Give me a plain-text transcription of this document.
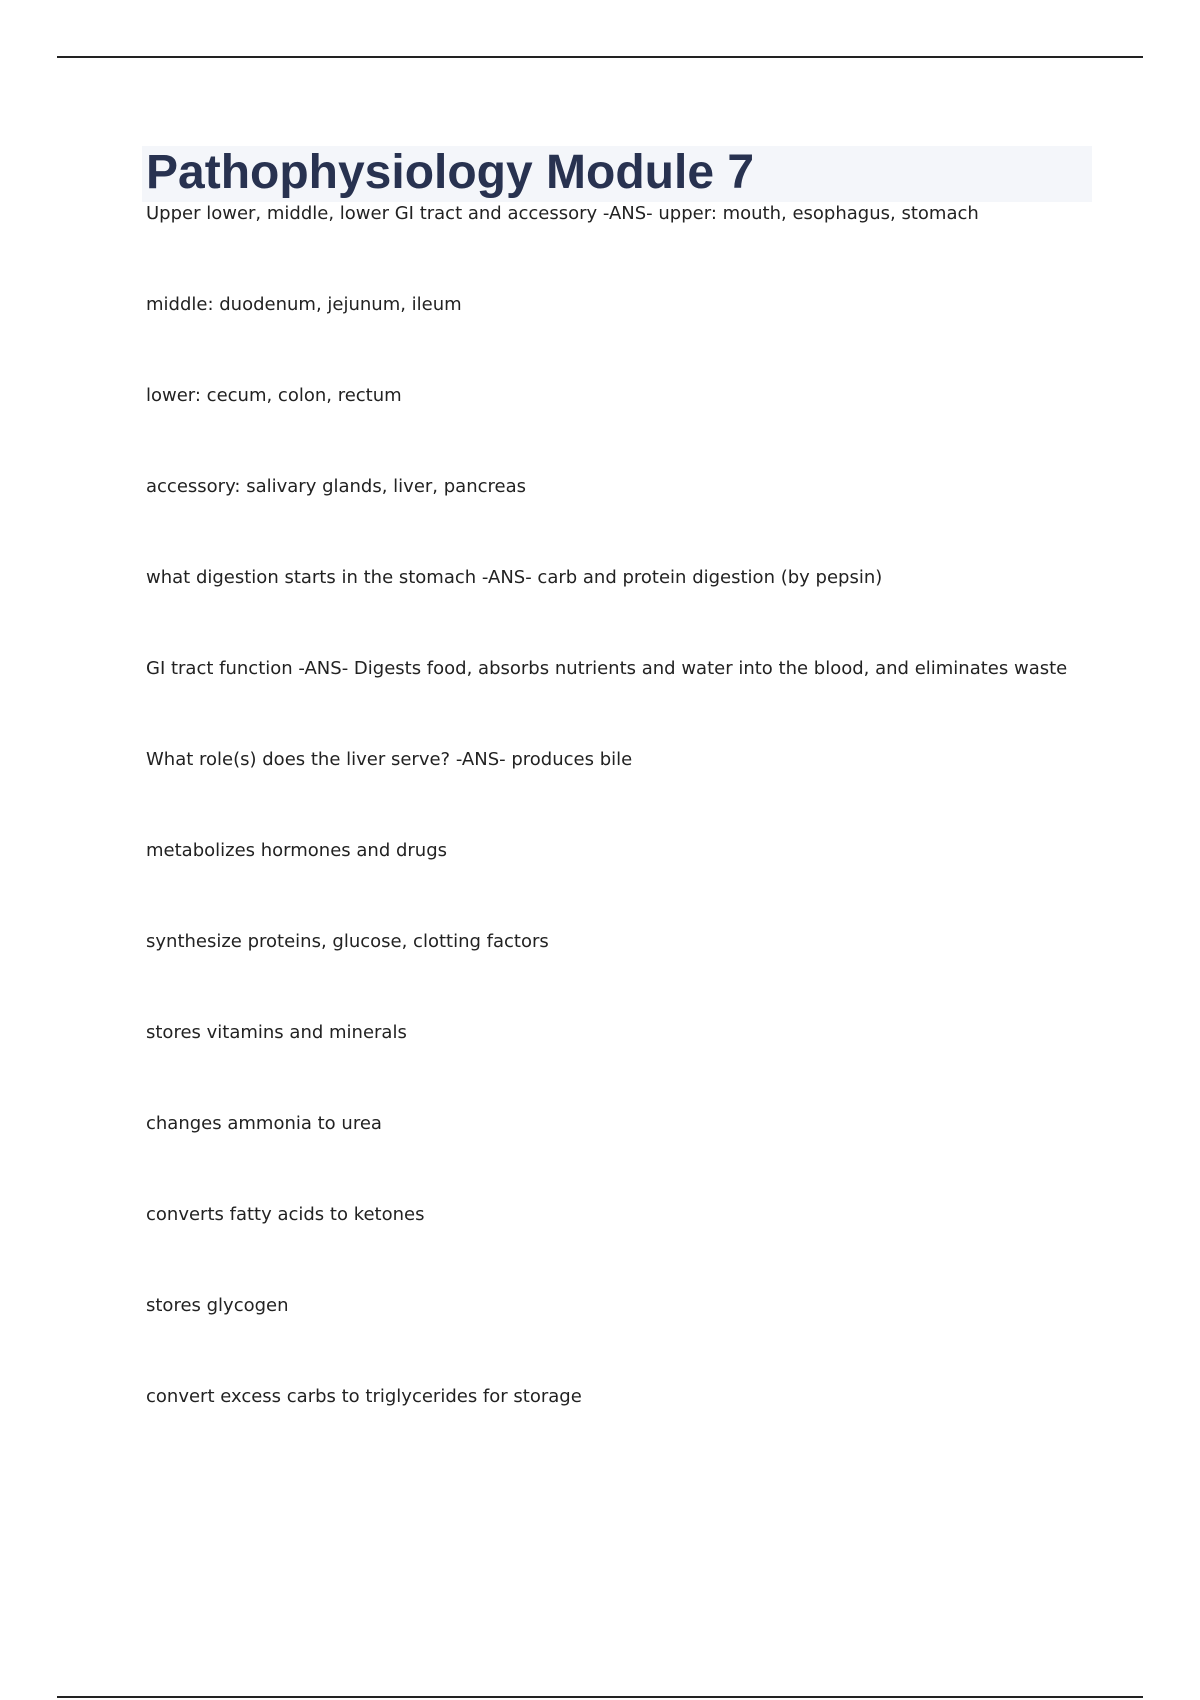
Pathophysiology Module 7

Upper lower, middle, lower GI tract and accessory -ANS- upper: mouth, esophagus, stomach

middle: duodenum, jejunum, ileum

lower: cecum, colon, rectum

accessory: salivary glands, liver, pancreas

what digestion starts in the stomach -ANS- carb and protein digestion (by pepsin)

GI tract function -ANS- Digests food, absorbs nutrients and water into the blood, and eliminates waste

What role(s) does the liver serve? -ANS- produces bile

metabolizes hormones and drugs

synthesize proteins, glucose, clotting factors

stores vitamins and minerals

changes ammonia to urea

converts fatty acids to ketones

stores glycogen

convert excess carbs to triglycerides for storage
